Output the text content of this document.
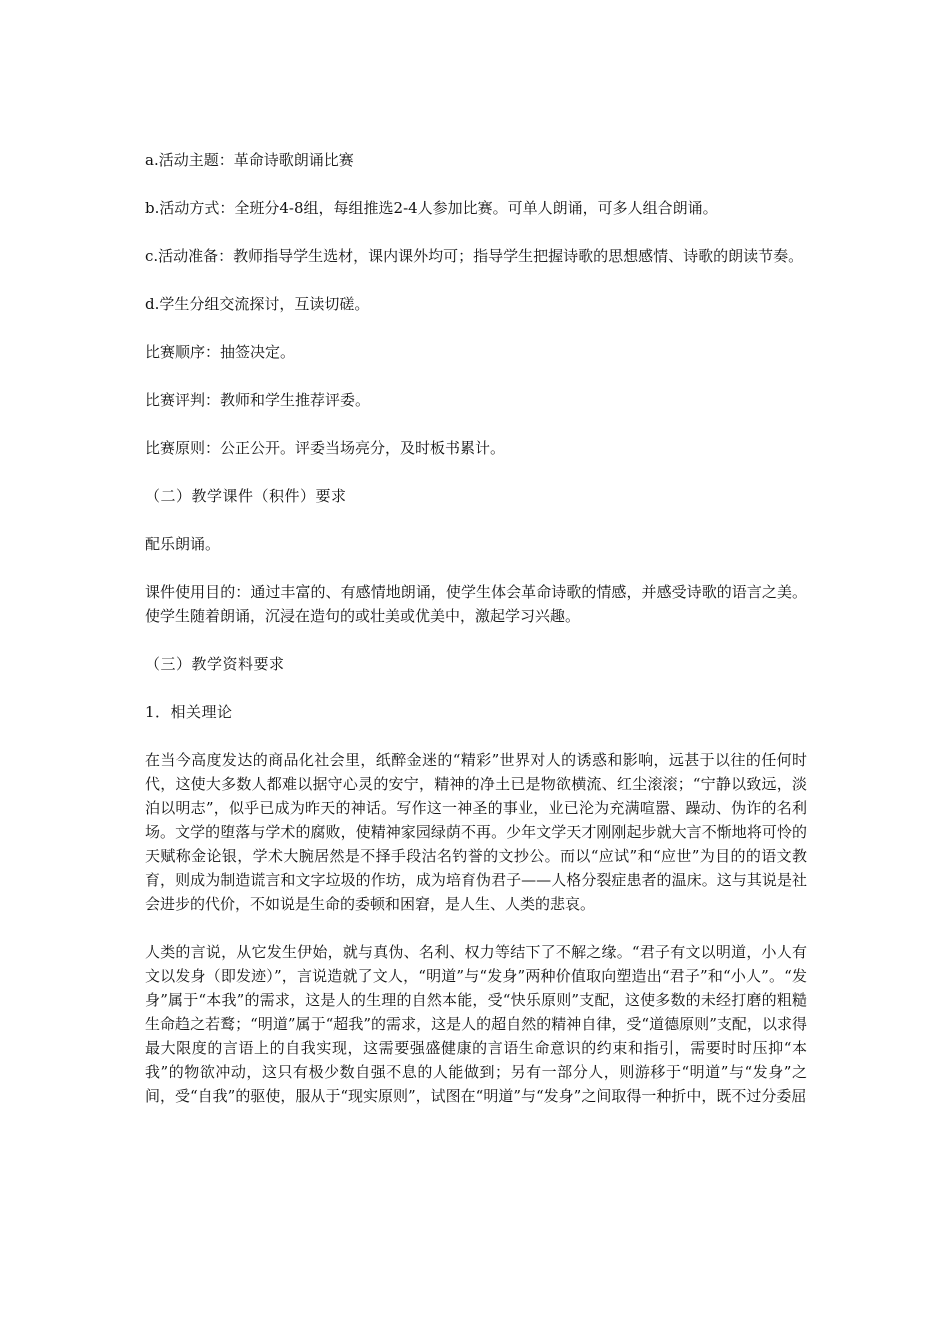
a.活动主题：革命诗歌朗诵比赛

b.活动方式：全班分4-8组，每组推选2-4人参加比赛。可单人朗诵，可多人组合朗诵。

c.活动准备：教师指导学生选材，课内课外均可；指导学生把握诗歌的思想感情、诗歌的朗读节奏。

d.学生分组交流探讨，互读切磋。

比赛顺序：抽签决定。

比赛评判：教师和学生推荐评委。

比赛原则：公正公开。评委当场亮分，及时板书累计。

（二）教学课件（积件）要求

配乐朗诵。

课件使用目的：通过丰富的、有感情地朗诵，使学生体会革命诗歌的情感，并感受诗歌的语言之美。使学生随着朗诵，沉浸在造句的或壮美或优美中，激起学习兴趣。

（三）教学资料要求

1．相关理论

在当今高度发达的商品化社会里，纸醉金迷的“精彩”世界对人的诱惑和影响，远甚于以往的任何时代，这使大多数人都难以据守心灵的安宁，精神的净土已是物欲横流、红尘滚滚；“宁静以致远，淡泊以明志”，似乎已成为昨天的神话。写作这一神圣的事业，业已沦为充满喧嚣、躁动、伪诈的名利场。文学的堕落与学术的腐败，使精神家园绿荫不再。少年文学天才刚刚起步就大言不惭地将可怜的天赋称金论银，学术大腕居然是不择手段沽名钓誉的文抄公。而以“应试”和“应世”为目的的语文教育，则成为制造谎言和文字垃圾的作坊，成为培育伪君子——人格分裂症患者的温床。这与其说是社会进步的代价，不如说是生命的委顿和困窘，是人生、人类的悲哀。

人类的言说，从它发生伊始，就与真伪、名利、权力等结下了不解之缘。“君子有文以明道，小人有文以发身（即发迹）”，言说造就了文人，“明道”与“发身”两种价值取向塑造出“君子”和“小人”。“发身”属于“本我”的需求，这是人的生理的自然本能，受“快乐原则”支配，这使多数的未经打磨的粗糙生命趋之若鹜；“明道”属于“超我”的需求，这是人的超自然的精神自律，受“道德原则”支配，以求得最大限度的言语上的自我实现，这需要强盛健康的言语生命意识的约束和指引，需要时时压抑“本我”的物欲冲动，这只有极少数自强不息的人能做到；另有一部分人，则游移于“明道”与“发身”之间，受“自我”的驱使，服从于“现实原则”，试图在“明道”与“发身”之间取得一种折中，既不过分委屈
